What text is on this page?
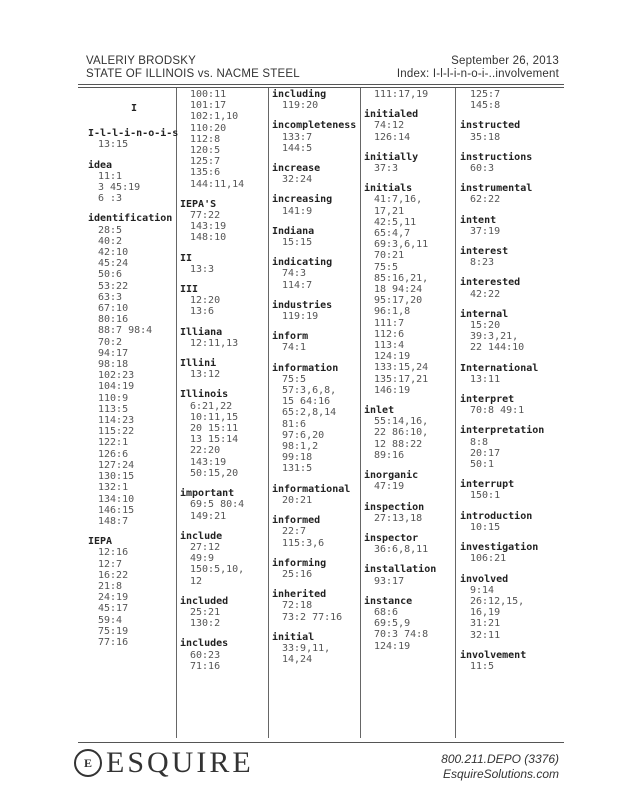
VALERIY BRODSKY
STATE OF ILLINOIS vs. NACME STEEL
September 26, 2013
Index: I-l-l-i-n-o-i-..involvement
I
I-l-l-i-n-o-i-s
13:15
idea
11:1
3 45:19
6 :3
identification
28:5
40:2
42:10
45:24
50:6
53:22
63:3
67:10
80:16
88:7 98:4
70:2
94:17
98:18
102:23
104:19
110:9
113:5
114:23
115:22
122:1
126:6
127:24
130:15
132:1
134:10
146:15
148:7
IEPA
12:16
12:7
16:22
21:8
24:19
45:17
59:4
75:19
77:16
100:11
101:17
102:1,10
110:20
112:8
120:5
125:7
135:6
144:11,14
IEPA'S
77:22
143:19
148:10
II
13:3
III
12:20
13:6
Illiana
12:11,13
Illini
13:12
Illinois
6:21,22
10:11,15
20 15:11
13 15:14
22:20
143:19
50:15,20
important
69:5 80:4
149:21
include
27:12
49:9
150:5,10,
12
included
25:21
130:2
includes
60:23
71:16
including
119:20
incompleteness
133:7
144:5
increase
32:24
increasing
141:9
Indiana
15:15
indicating
74:3
114:7
industries
119:19
inform
74:1
information
75:5
57:3,6,8,
15 64:16
65:2,8,14
81:6
97:6,20
98:1,2
99:18
131:5
informational
20:21
informed
22:7
115:3,6
informing
25:16
inherited
72:18
73:2 77:16
initial
33:9,11,
14,24
111:17,19
initialed
74:12
126:14
initially
37:3
initials
41:7,16,
17,21
42:5,11
65:4,7
69:3,6,11
70:21
75:5
85:16,21,
18 94:24
95:17,20
96:1,8
111:7
112:6
113:4
124:19
133:15,24
135:17,21
146:19
inlet
55:14,16,
22 86:10,
12 88:22
89:16
inorganic
47:19
inspection
27:13,18
inspector
36:6,8,11
installation
93:17
instance
68:6
69:5,9
70:3 74:8
124:19
125:7
145:8
instructed
35:18
instructions
60:3
instrumental
62:22
intent
37:19
interest
8:23
interested
42:22
internal
15:20
39:3,21,
22 144:10
International
13:11
interpret
70:8 49:1
interpretation
8:8
20:17
50:1
interrupt
150:1
introduction
10:15
investigation
106:21
involved
9:14
26:12,15,
16,19
31:21
32:11
involvement
11:5
E ESQUIRE	800.211.DEPO (3376)
EsquireSolutions.com
